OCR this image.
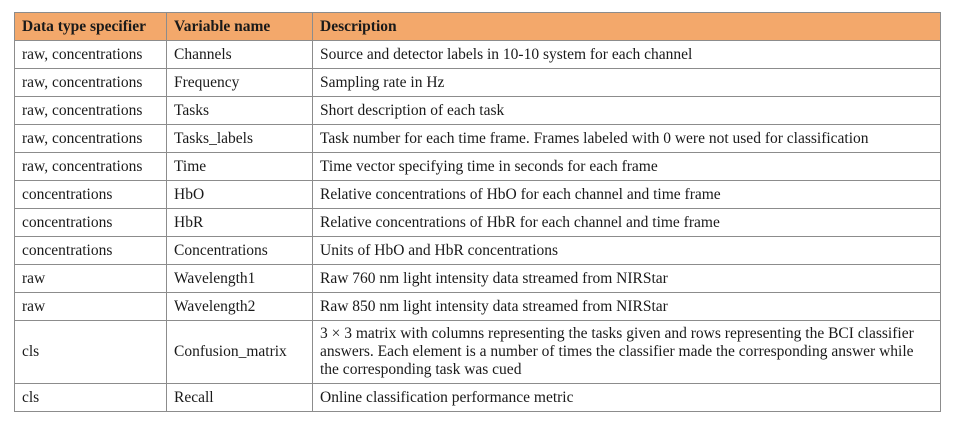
Data type specifier	Variable name	Description
raw, concentrations	Channels	Source and detector labels in 10-10 system for each channel
raw, concentrations	Frequency	Sampling rate in Hz
raw, concentrations	Tasks	Short description of each task
raw, concentrations	Tasks_labels	Task number for each time frame. Frames labeled with 0 were not used for classification
raw, concentrations	Time	Time vector specifying time in seconds for each frame
concentrations	HbO	Relative concentrations of HbO for each channel and time frame
concentrations	HbR	Relative concentrations of HbR for each channel and time frame
concentrations	Concentrations	Units of HbO and HbR concentrations
raw	Wavelength1	Raw 760 nm light intensity data streamed from NIRStar
raw	Wavelength2	Raw 850 nm light intensity data streamed from NIRStar
cls	Confusion_matrix	3 × 3 matrix with columns representing the tasks given and rows representing the BCI classifier answers. Each element is a number of times the classifier made the corresponding answer while the corresponding task was cued
cls	Recall	Online classification performance metric
